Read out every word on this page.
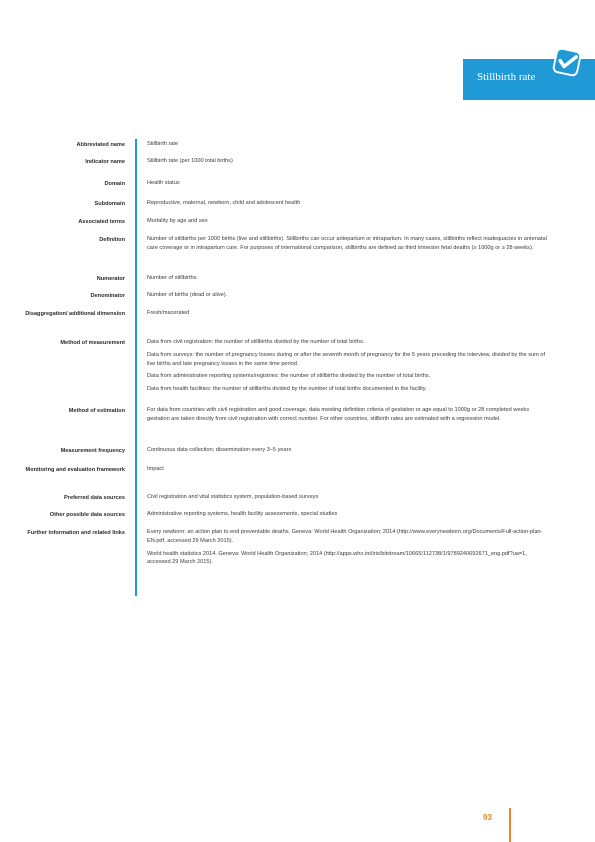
Stillbirth rate
Abbreviated name	Stillbirth rate

Indicator name	Stillbirth rate (per 1000 total births)

Domain	Health status

Subdomain	Reproductive, maternal, newborn, child and adolescent health

Associated terms	Mortality by age and sex

Definition	Number of stillbirths per 1000 births (live and stillbirths). Stillbirths can occur antepartum or intrapartum. In many cases, stillbirths reflect inadequacies in antenatal care coverage or in intrapartum care. For purposes of international comparison, stillbirths are defined as third trimester fetal deaths (≥ 1000g or ≥ 28 weeks).

Numerator	Number of stillbirths.

Denominator	Number of births (dead or alive).

Disaggregation/ additional dimension	Fresh/macerated

Method of measurement	Data from civil registration: the number of stillbirths divided by the number of total births.

Data from surveys: the number of pregnancy losses during or after the seventh month of pregnancy for the 5 years preceding the interview, divided by the sum of live births and late pregnancy losses in the same time period.

Data from administrative reporting systems/registries: the number of stillbirths divided by the number of total births.

Data from health facilities: the number of stillbirths divided by the number of total births documented in the facility.

Method of estimation	For data from countries with civil registration and good coverage, data meeting definition criteria of gestation or age equal to 1000g or 28 completed weeks gestation are taken directly from civil registration with correct number. For other countries, stillbirth rates are estimated with a regression model.

Measurement frequency	Continuous data collection; dissemination every 3–5 years

Monitoring and evaluation framework	Impact

Preferred data sources	Civil registration and vital statistics system, population-based surveys

Other possible data sources	Administrative reporting systems, health facility assessments, special studies

Further information and related links	Every newborn: an action plan to end preventable deaths. Geneva: World Health Organization; 2014 (http://www.everynewborn.org/Documents/Full-action-plan-EN.pdf, accessed 29 March 2015).

World health statistics 2014. Geneva: World Health Organization; 2014 (http://apps.who.int/iris/bitstream/10665/112738/1/9789240692671_eng.pdf?ua=1, accessed 29 March 2015).

93
